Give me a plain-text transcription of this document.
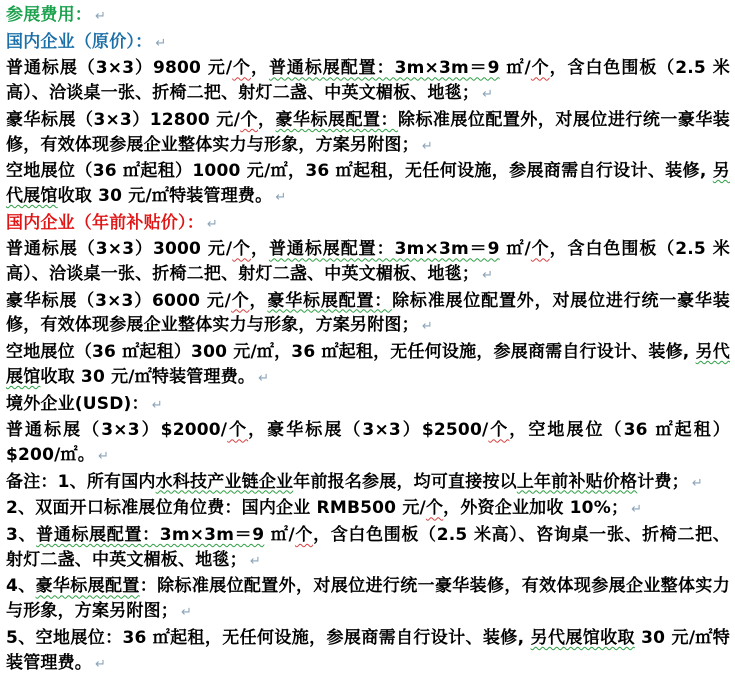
参展费用： ↵

国内企业（原价）： ↵

普通标展（3×3）9800 元/个，普通标展配置：3m×3m＝9 ㎡/个，含白色围板（2.5 米高）、洽谈桌一张、折椅二把、射灯二盏、中英文楣板、地毯； ↵

豪华标展（3×3）12800 元/个，豪华标展配置：除标准展位配置外，对展位进行统一豪华装修，有效体现参展企业整体实力与形象，方案另附图； ↵

空地展位（36 ㎡起租）1000 元/㎡，36 ㎡起租，无任何设施，参展商需自行设计、装修, 另代展馆收取 30 元/㎡特装管理费。 ↵

国内企业（年前补贴价）： ↵

普通标展（3×3）3000 元/个，普通标展配置：3m×3m＝9 ㎡/个，含白色围板（2.5 米高）、洽谈桌一张、折椅二把、射灯二盏、中英文楣板、地毯； ↵

豪华标展（3×3）6000 元/个，豪华标展配置：除标准展位配置外，对展位进行统一豪华装修，有效体现参展企业整体实力与形象，方案另附图； ↵

空地展位（36 ㎡起租）300 元/㎡，36 ㎡起租，无任何设施，参展商需自行设计、装修, 另代展馆收取 30 元/㎡特装管理费。 ↵

境外企业(USD)： ↵

普通标展（3×3）$2000/个，豪华标展（3×3）$2500/个，空地展位（36 ㎡起租）$200/㎡。 ↵

备注：1、所有国内水科技产业链企业年前报名参展，均可直接按以上年前补贴价格计费； ↵

2、双面开口标准展位角位费：国内企业 RMB500 元/个，外资企业加收 10%； ↵

3、普通标展配置：3m×3m＝9 ㎡/个，含白色围板（2.5 米高）、咨询桌一张、折椅二把、射灯二盏、中英文楣板、地毯； ↵

4、豪华标展配置：除标准展位配置外，对展位进行统一豪华装修，有效体现参展企业整体实力与形象，方案另附图； ↵

5、空地展位：36 ㎡起租，无任何设施，参展商需自行设计、装修, 另代展馆收取 30 元/㎡特装管理费。 ↵
